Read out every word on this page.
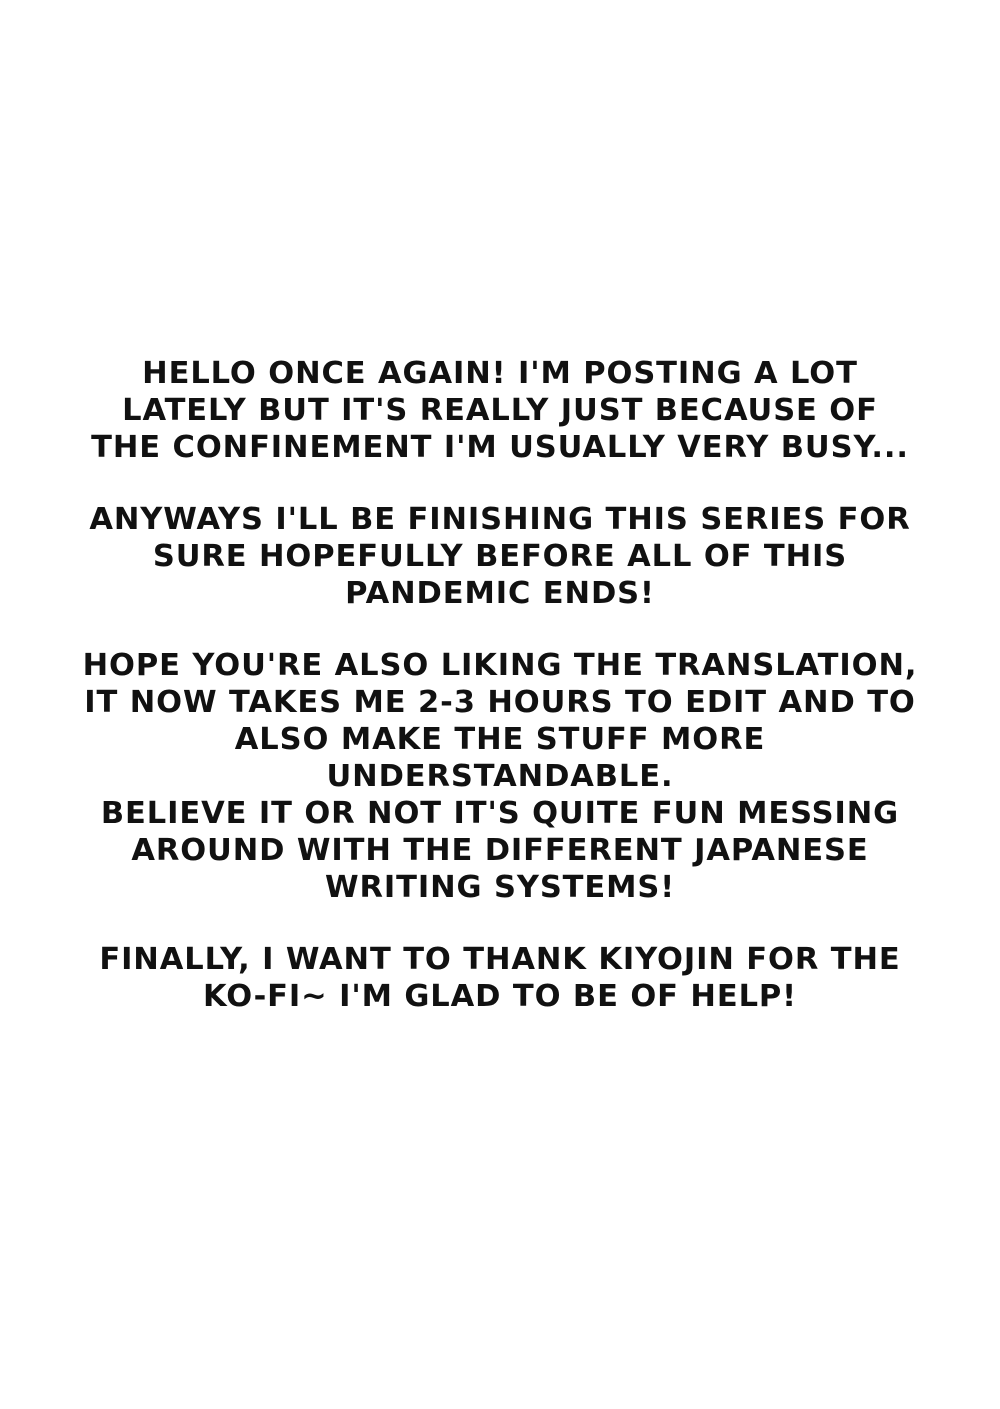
HELLO ONCE AGAIN! I'M POSTING A LOT
LATELY BUT IT'S REALLY JUST BECAUSE OF
THE CONFINEMENT I'M USUALLY VERY BUSY...

ANYWAYS I'LL BE FINISHING THIS SERIES FOR
SURE HOPEFULLY BEFORE ALL OF THIS
PANDEMIC ENDS!

HOPE YOU'RE ALSO LIKING THE TRANSLATION,
IT NOW TAKES ME 2-3 HOURS TO EDIT AND TO
ALSO MAKE THE STUFF MORE
UNDERSTANDABLE.

BELIEVE IT OR NOT IT'S QUITE FUN MESSING
AROUND WITH THE DIFFERENT JAPANESE
WRITING SYSTEMS!

FINALLY, I WANT TO THANK KIYOJIN FOR THE
KO-FI~ I'M GLAD TO BE OF HELP!
